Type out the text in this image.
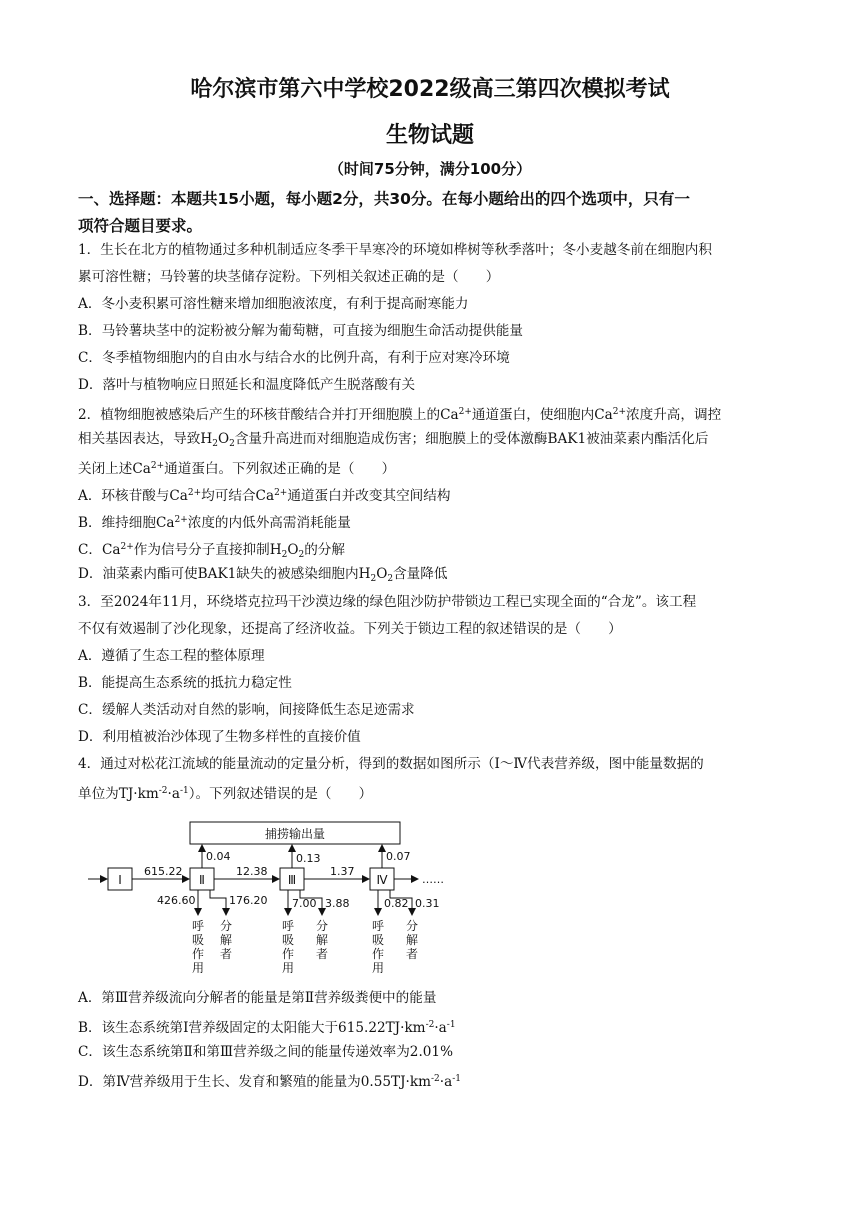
哈尔滨市第六中学校2022级高三第四次模拟考试
生物试题
（时间75分钟，满分100分）
一、选择题：本题共15小题，每小题2分，共30分。在每小题给出的四个选项中，只有一
项符合题目要求。
1．生长在北方的植物通过多种机制适应冬季干旱寒冷的环境如桦树等秋季落叶；冬小麦越冬前在细胞内积
累可溶性糖；马铃薯的块茎储存淀粉。下列相关叙述正确的是（　　）
A．冬小麦积累可溶性糖来增加细胞液浓度，有利于提高耐寒能力
B．马铃薯块茎中的淀粉被分解为葡萄糖，可直接为细胞生命活动提供能量
C．冬季植物细胞内的自由水与结合水的比例升高，有利于应对寒冷环境
D．落叶与植物响应日照延长和温度降低产生脱落酸有关
2．植物细胞被感染后产生的环核苷酸结合并打开细胞膜上的$Ca^{2+}$通道蛋白，使细胞内$Ca^{2+}$浓度升高，调控
相关基因表达，导致$H_2O_2$含量升高进而对细胞造成伤害；细胞膜上的受体激酶BAK1被油菜素内酯活化后
关闭上述$Ca^{2+}$通道蛋白。下列叙述正确的是（　　）
A．环核苷酸与$Ca^{2+}$均可结合$Ca^{2+}$通道蛋白并改变其空间结构
B．维持细胞$Ca^{2+}$浓度的内低外高需消耗能量
C．$Ca^{2+}$作为信号分子直接抑制$H_2O_2$的分解
D．油菜素内酯可使BAK1缺失的被感染细胞内$H_2O_2$含量降低
3．至2024年11月，环绕塔克拉玛干沙漠边缘的绿色阻沙防护带锁边工程已实现全面的“合龙”。该工程
不仅有效遏制了沙化现象，还提高了经济收益。下列关于锁边工程的叙述错误的是（　　）
A．遵循了生态工程的整体原理
B．能提高生态系统的抵抗力稳定性
C．缓解人类活动对自然的影响，间接降低生态足迹需求
D．利用植被治沙体现了生物多样性的直接价值
4．通过对松花江流域的能量流动的定量分析，得到的数据如图所示（Ⅰ～Ⅳ代表营养级，图中能量数据的
单位为$TJ\cdot km^{-2}\cdot a^{-1}$）。下列叙述错误的是（　　）
捕捞输出量
Ⅰ	Ⅱ	Ⅲ	Ⅳ
615.22	12.38	1.37
……
0.04	0.13	0.07
426.60	176.20 7.00 3.88	0.82 0.31
呼
吸
作
用
呼
吸
作
用
呼
吸
作
用
分
解
者
分
解
者
分
解
者
A．第Ⅲ营养级流向分解者的能量是第Ⅱ营养级粪便中的能量
B．该生态系统第Ⅰ营养级固定的太阳能大于$615.22TJ\cdot km^{-2}\cdot a^{-1}$
C．该生态系统第Ⅱ和第Ⅲ营养级之间的能量传递效率为2.01%
D．第Ⅳ营养级用于生长、发育和繁殖的能量为$0.55TJ\cdot km^{-2}\cdot a^{-1}$
